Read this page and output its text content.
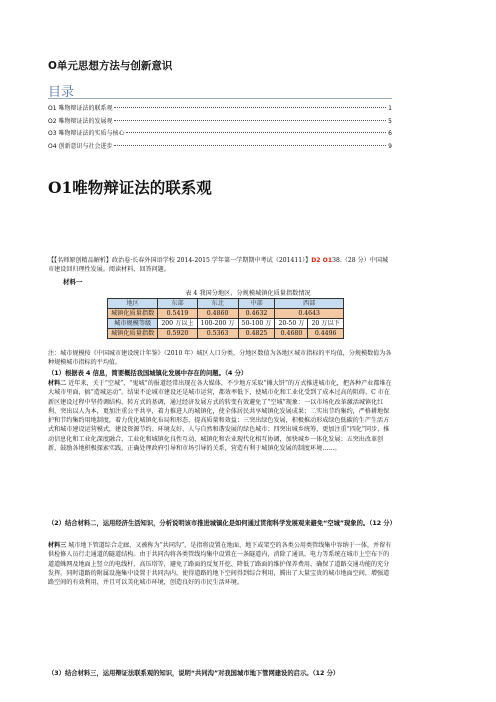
O单元思想方法与创新意识
目录
O1 唯物辩证法的联系观	1
O2 唯物辩证法的发展观	5
O3 唯物辩证法的实质与核心	6
O4 创新意识与社会进步	9
O1唯物辩证法的联系观
【【名师原创精品解析】政治卷·长春外国语学校 2014-2015 学年第一学期期中考试（201411）】D2 O138.（28 分）中国城市建设回归理性发展。阅读材料，回答问题。
材料一
表 4 我国分地区、分规模城镇化质量指数情况
地区	东部	东北	中部	西部	
城镇化质量指数	0.5419	0.4860	0.4632	0.4643	
城市规模等级	200 万以上	100-200 万	50-100 万	20-50 万	20 万以下
城镇化质量指数	0.5920	0.5363	0.4825	0.4680	0.4496
注：城市规模按《中国城市建设统计年鉴》（2010 年）城区人口分类，分地区数值为各地区城市指标的平均值，分规模数值为各种规模城市指标的平均值。
（1）根据表 4 信息，简要概括我国城镇化发展中存在的问题。（4 分）
材料二 近年来，关于“空城”、“鬼城”的报道经常出现在各大媒体，不少地方采取“摊大饼”的方式推进城市化，把各种产业都堆在大城市里面，搞“造城运动”。结果不论城市建设还是城市运营，都效率低下，使城市化和工业化受到了成本过高的阻碍。C 市在新区建设过程中坚持调结构、转方式的基调，通过经济发展方式的转变有效避免了“空城”现象：一以市场化改革激活城镇化红利，突出以人为本，更加注重公平共享，着力推进人的城镇化，使全体居民共享城镇化发展成果；二实出节约集约，严格耕地保护和节约集约用地制度，着力优化城镇化布局和形态，提高质量和效益；三突出绿色发展，积极推动形成绿色低碳的生产生活方式和城市建设运营模式，建设资源节约、环境友好、人与自然和谐发展的绿色城市；四突出城乡统筹，更加注重“四化”同步，推动信息化和工业化深度融合、工业化和城镇化良性互动、城镇化和农业现代化相互协调，加快城乡一体化发展；五突出改革创新，鼓励各地积极探索实践，正确处理政府引导和市场引导的关系，营造有利于城镇化发展的制度环境……。
（2）结合材料二，运用经济生活知识，分析说明该市推进城镇化是如何通过贯彻科学发展观来避免“空城”现象的。（12 分）
材料三 城市地下管道综合走廊，又被称为“共同沟”，是指将设置在地面、地下或架空的各类公用类管线集中容纳于一体，并留有供检修人员行走通道的隧道结构。由于共同沟将各类管线均集中设置在一条隧道内，消除了通讯、电力等系统在城市上空布下的道道蛛网及地面上竖立的电线杆、高压塔等，避免了路面的反复开挖、降低了路面的维护保养费用、确保了道路交通功能的充分发挥。同时道路的附属设施集中设置于共同沟内，使得道路的地下空间得到综合利用，腾出了大量宝贵的城市地面空间，增强道路空间的有效利用，并且可以美化城市环境，创造良好的市民生活环境。
（3）结合材料三，运用辩证法联系观的知识，说明“共同沟”对我国城市地下管网建设的启示。（12 分）
